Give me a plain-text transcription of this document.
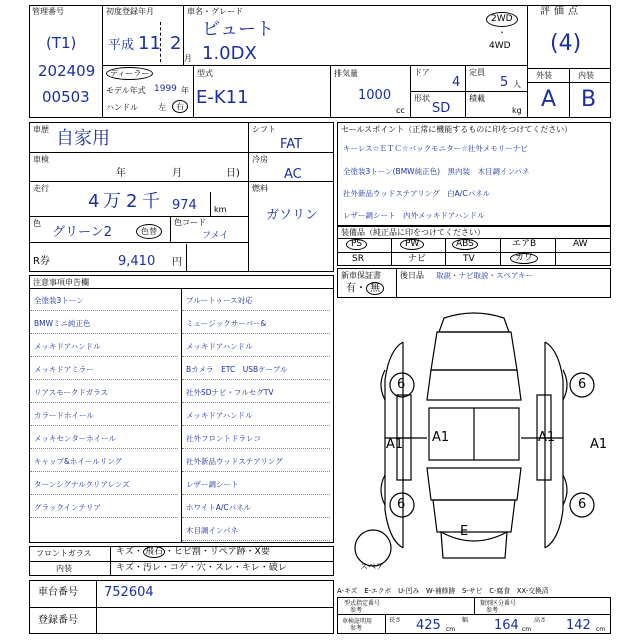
管理番号
(T1)
202409
00503
初度登録年月
平成 11 2
月
車名・グレード
ビュート
1.0DX
2WD
・
4WD
ディーラー
モデル年式 1999 年
ハンドル	左	右
型式
E-K11
排気量
1000
cc
ドア
4
定員
5 人
形状
SD
積載
kg
評価点
(4)
外装	内装
A B
車歴 自家用
車検
年	月	日)
走行
4 万 2 千 974 km
色
グリーン2	色替
色コード
フメイ
シフト
FAT
冷房
AC
燃料
ガソリン
R券	9,410 円
セールスポイント（正常に機能するものに印をつけてください）
キーレス☆ＥＴＣ☆バックモニター☆社外メモリーナビ
全塗装3トーン(BMW純正色)　黒内装　木目調インパネ
社外新品ウッドステアリング　白A/Cパネル
レザー調シート　内外メッキドアハンドル
装備品（純正品に印をつけてください）
PS	PW	ABS	エアB	AW
SR	ナビ	TV	カワ
新車保証書
有・ 無
後日品 取説・ナビ取説・スペアキー
注意事項申告欄
全塗装3トーン
BMWミニ純正色
メッキドアハンドル
メッキドアミラー
リアスモークドガラス
カラードホイール
メッキセンターホイール
キャップ&ホイールリング
ターンシグナルクリアレンズ
グラックインテリア
ブルートゥース対応
ミュージックサーバー&
メッキドアハンドル
Bカメラ　ETC　USBケーブル
社外SDナビ・フルセグTV
メッキドアハンドル
社外フロントドラレコ
社外新品ウッドステアリング
レザー調シート
ホワイトA/Cパネル
木目調インパネ
フロントガラス	キズ・ 飛石 ・ヒビ割・リペア跡・X要
内装	キズ・汚レ・コゲ・穴・スレ・キレ・破レ
車台番号 752604
登録番号
6	6
A1 A1	A1	A1
6	6
E
スペア
A-キズ　E-エクボ　U-凹み　W-補修跡　S-サビ　C-腐食　XX-交換済
型式指定番号
参考
類別区分番号
参考
車検証明用
参考
長さ 425 cm
幅 164 cm
高さ 142 cm
